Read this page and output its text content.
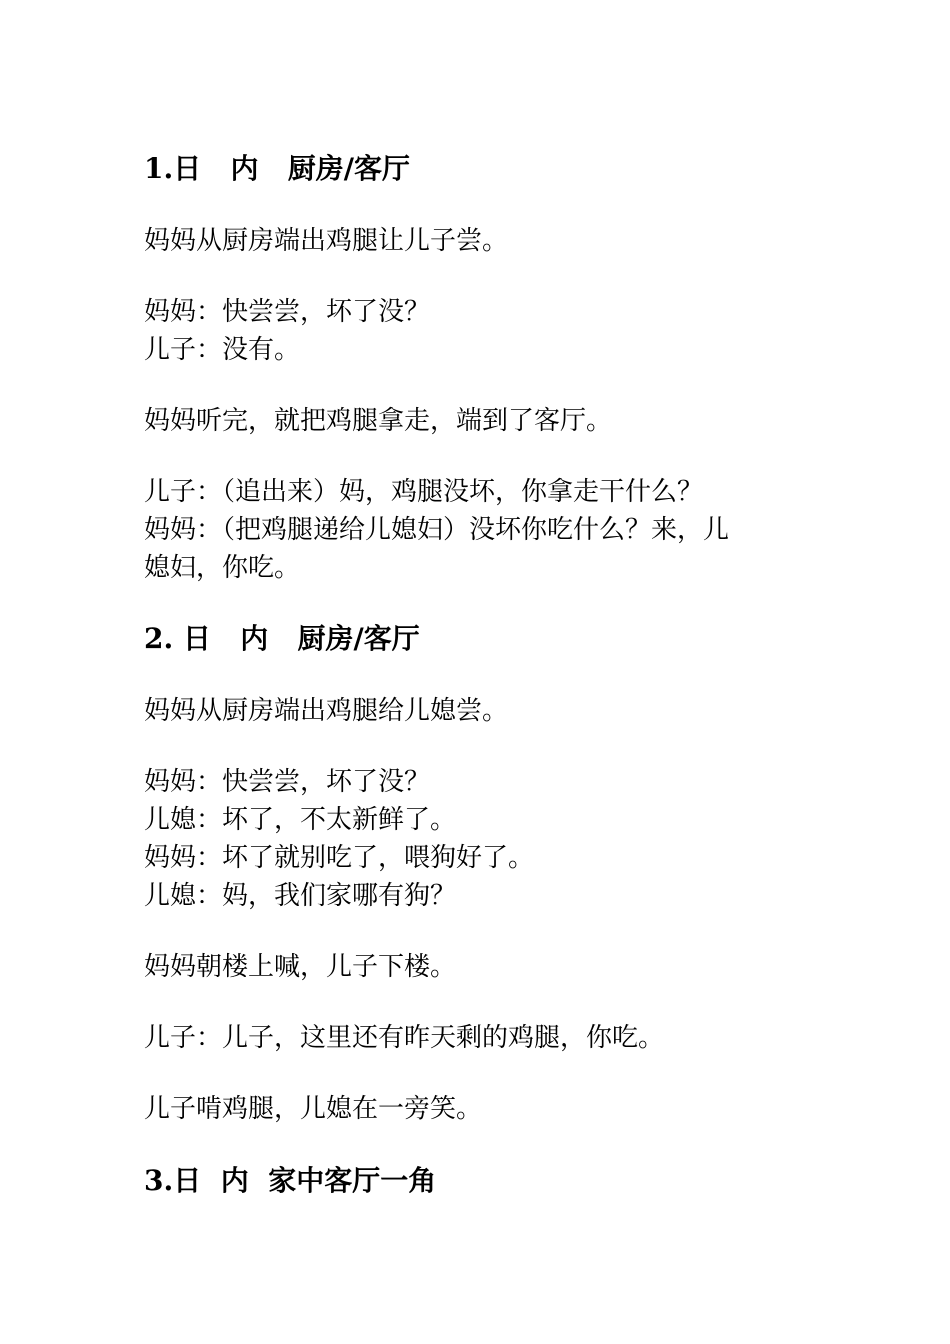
1.日   内   厨房/客厅
妈妈从厨房端出鸡腿让儿子尝。
妈妈：快尝尝，坏了没？
儿子：没有。
妈妈听完，就把鸡腿拿走，端到了客厅。
儿子：（追出来）妈，鸡腿没坏，你拿走干什么？
妈妈：（把鸡腿递给儿媳妇）没坏你吃什么？来，儿
媳妇，你吃。
2. 日   内   厨房/客厅
妈妈从厨房端出鸡腿给儿媳尝。
妈妈：快尝尝，坏了没？
儿媳：坏了，不太新鲜了。
妈妈：坏了就别吃了，喂狗好了。
儿媳：妈，我们家哪有狗？
妈妈朝楼上喊，儿子下楼。
儿子：儿子，这里还有昨天剩的鸡腿，你吃。
儿子啃鸡腿，儿媳在一旁笑。
3.日  内  家中客厅一角
